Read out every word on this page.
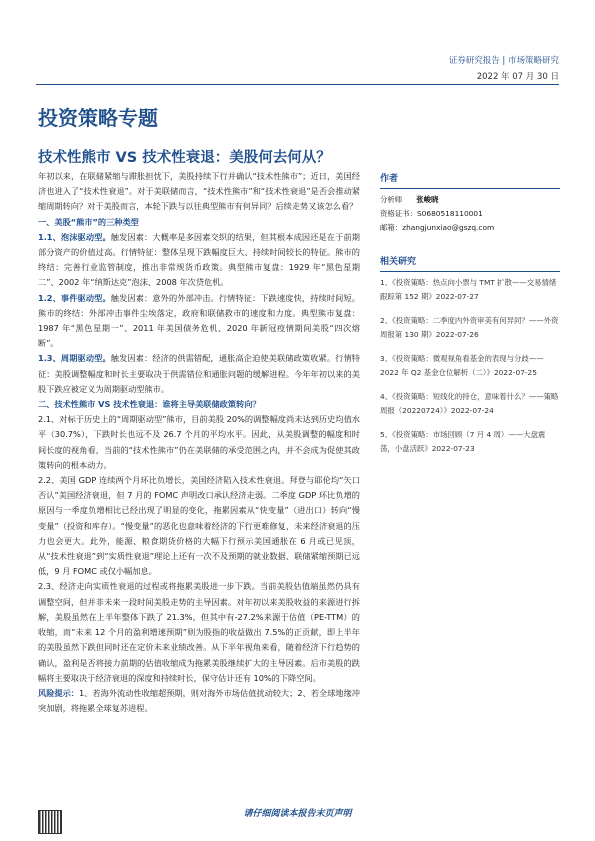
证券研究报告 | 市场策略研究
2022 年 07 月 30 日
投资策略专题
技术性熊市 VS 技术性衰退：美股何去何从？

年初以来，在联储紧缩与滞胀担忧下，美股持续下行并确认“技术性熊市”；近日，美国经济也进入了“技术性衰退”。对于美联储而言，“技术性熊市”和“技术性衰退”是否会推动紧缩周期转向？对于美股而言，本轮下跌与以往典型熊市有何异同？后续走势又该怎么看？

一、美股“熊市”的三种类型

1.1、泡沫驱动型。触发因素：大概率是多因素交织的结果，但其根本成因还是在于前期部分资产的价值过高。行情特征：整体呈现下跌幅度巨大、持续时间较长的特征。熊市的终结：完善行业监管制度，推出非常规货币政策。典型熊市复盘：1929 年“黑色星期二”、2002 年“纳斯达克”泡沫、2008 年次贷危机。

1.2、事件驱动型。触发因素：意外的外部冲击。行情特征：下跌速度快，持续时间短。熊市的终结：外部冲击事件尘埃落定，政府和联储救市的速度和力度。典型熊市复盘：1987 年“黑色星期一”、2011 年美国债务危机、2020 年新冠疫情期间美股“四次熔断”。

1.3、周期驱动型。触发因素：经济的供需错配，通胀高企迫使美联储政策收紧。行情特征：美股调整幅度和时长主要取决于供需错位和通胀问题的缓解进程。今年年初以来的美股下跌应被定义为周期驱动型熊市。

二、技术性熊市 VS 技术性衰退：谁将主导美联储政策转向？

2.1、对标于历史上的“周期驱动型”熊市，目前美股 20%的调整幅度尚未达到历史均值水平（30.7%），下跌时长也远不及 26.7 个月的平均水平。因此，从美股调整的幅度和时间长度的视角看，当前的“技术性熊市”仍在美联储的承受范围之内，并不会成为促使其政策转向的根本动力。

2.2、美国 GDP 连续两个月环比负增长，美国经济陷入技术性衰退。拜登与耶伦均“矢口否认”美国经济衰退，但 7 月的 FOMC 声明改口承认经济走弱。二季度 GDP 环比负增的原因与一季度负增相比已经出现了明显的变化，拖累因素从“快变量”（进出口）转向“慢变量”（投资和库存）。“慢变量”的恶化也意味着经济的下行更难修复，未来经济衰退的压力也会更大。此外，能源、粮食期货价格的大幅下行预示美国通胀在 6 月或已见顶，从“技术性衰退”到“实质性衰退”理论上还有一次不及预期的就业数据、联储紧缩预期已远低，9 月 FOMC 或仅小幅加息。

2.3、经济走向实质性衰退的过程或将拖累美股进一步下跌。当前美股估值端虽然仍具有调整空间，但并非未来一段时间美股走势的主导因素。对年初以来美股收益的来源进行拆解，美股虽然在上半年整体下跌了 21.3%，但其中有-27.2%来源于估值（PE-TTM）的收缩，而“未来 12 个月的盈利增速预期”则为股指的收益做出 7.5%的正贡献，即上半年的美股虽然下跌但同时还在定价未来业绩改善。从下半年视角来看，随着经济下行趋势的确认，盈利是否将接力前期的估值收缩成为拖累美股继续扩大的主导因素。后市美股的跌幅将主要取决于经济衰退的深度和持续时长，保守估计还有 10%的下降空间。

风险提示：1、若海外流动性收缩超预期，则对海外市场估值扰动较大；2、若全球地缘冲突加剧，将拖累全球复苏进程。

作者
分析师 张峻晓
资格证书：S0680518110001
邮箱：zhangjunxiao@gszq.com
相关研究
1、《投资策略：热点向小票与 TMT 扩散——交易情绪跟踪第 152 期》2022-07-27
2、《投资策略：二季度内外资审美有何异同？——外资周报第 130 期》2022-07-26
3、《投资策略：微观视角看基金的表现与分歧——2022 年 Q2 基金仓位解析（二）》2022-07-25
4、《投资策略：短线化的持仓，意味着什么？——策略周报（20220724）》2022-07-24
5、《投资策略：市场回顾（7 月 4 周）——大盘震荡，小盘活跃》2022-07-23
请仔细阅读本报告末页声明
